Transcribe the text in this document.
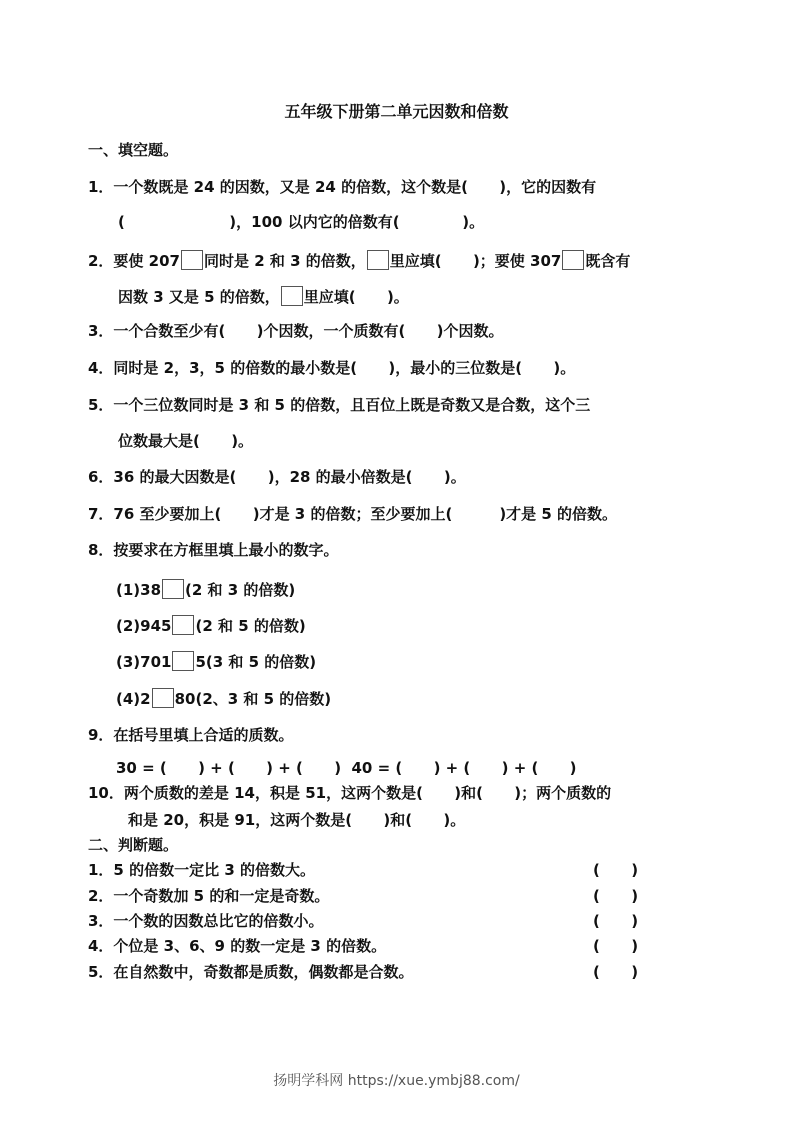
五年级下册第二单元因数和倍数
一、填空题。
1．一个数既是 24 的因数，又是 24 的倍数，这个数是(      )，它的因数有
(                    )，100 以内它的倍数有(            )。
2．要使 207 同时是 2 和 3 的倍数， 里应填(      )；要使 307 既含有
因数 3 又是 5 的倍数， 里应填(      )。
3．一个合数至少有(      )个因数，一个质数有(      )个因数。
4．同时是 2，3，5 的倍数的最小数是(      )，最小的三位数是(      )。
5．一个三位数同时是 3 和 5 的倍数，且百位上既是奇数又是合数，这个三
位数最大是(      )。
6．36 的最大因数是(      )，28 的最小倍数是(      )。
7．76 至少要加上(      )才是 3 的倍数；至少要加上(         )才是 5 的倍数。
8．按要求在方框里填上最小的数字。
(1)38 (2 和 3 的倍数)
(2)945 (2 和 5 的倍数)
(3)701 5(3 和 5 的倍数)
(4)2 80(2、3 和 5 的倍数)
9．在括号里填上合适的质数。
30 = (      ) + (      ) + (      )  40 = (      ) + (      ) + (      )
10．两个质数的差是 14，积是 51，这两个数是(      )和(      )；两个质数的
和是 20，积是 91，这两个数是(      )和(      )。
二、判断题。
1．5 的倍数一定比 3 的倍数大。	(      )
2．一个奇数加 5 的和一定是奇数。	(      )
3．一个数的因数总比它的倍数小。	(      )
4．个位是 3、6、9 的数一定是 3 的倍数。	(      )
5．在自然数中，奇数都是质数，偶数都是合数。	(      )
扬明学科网 https://xue.ymbj88.com/
